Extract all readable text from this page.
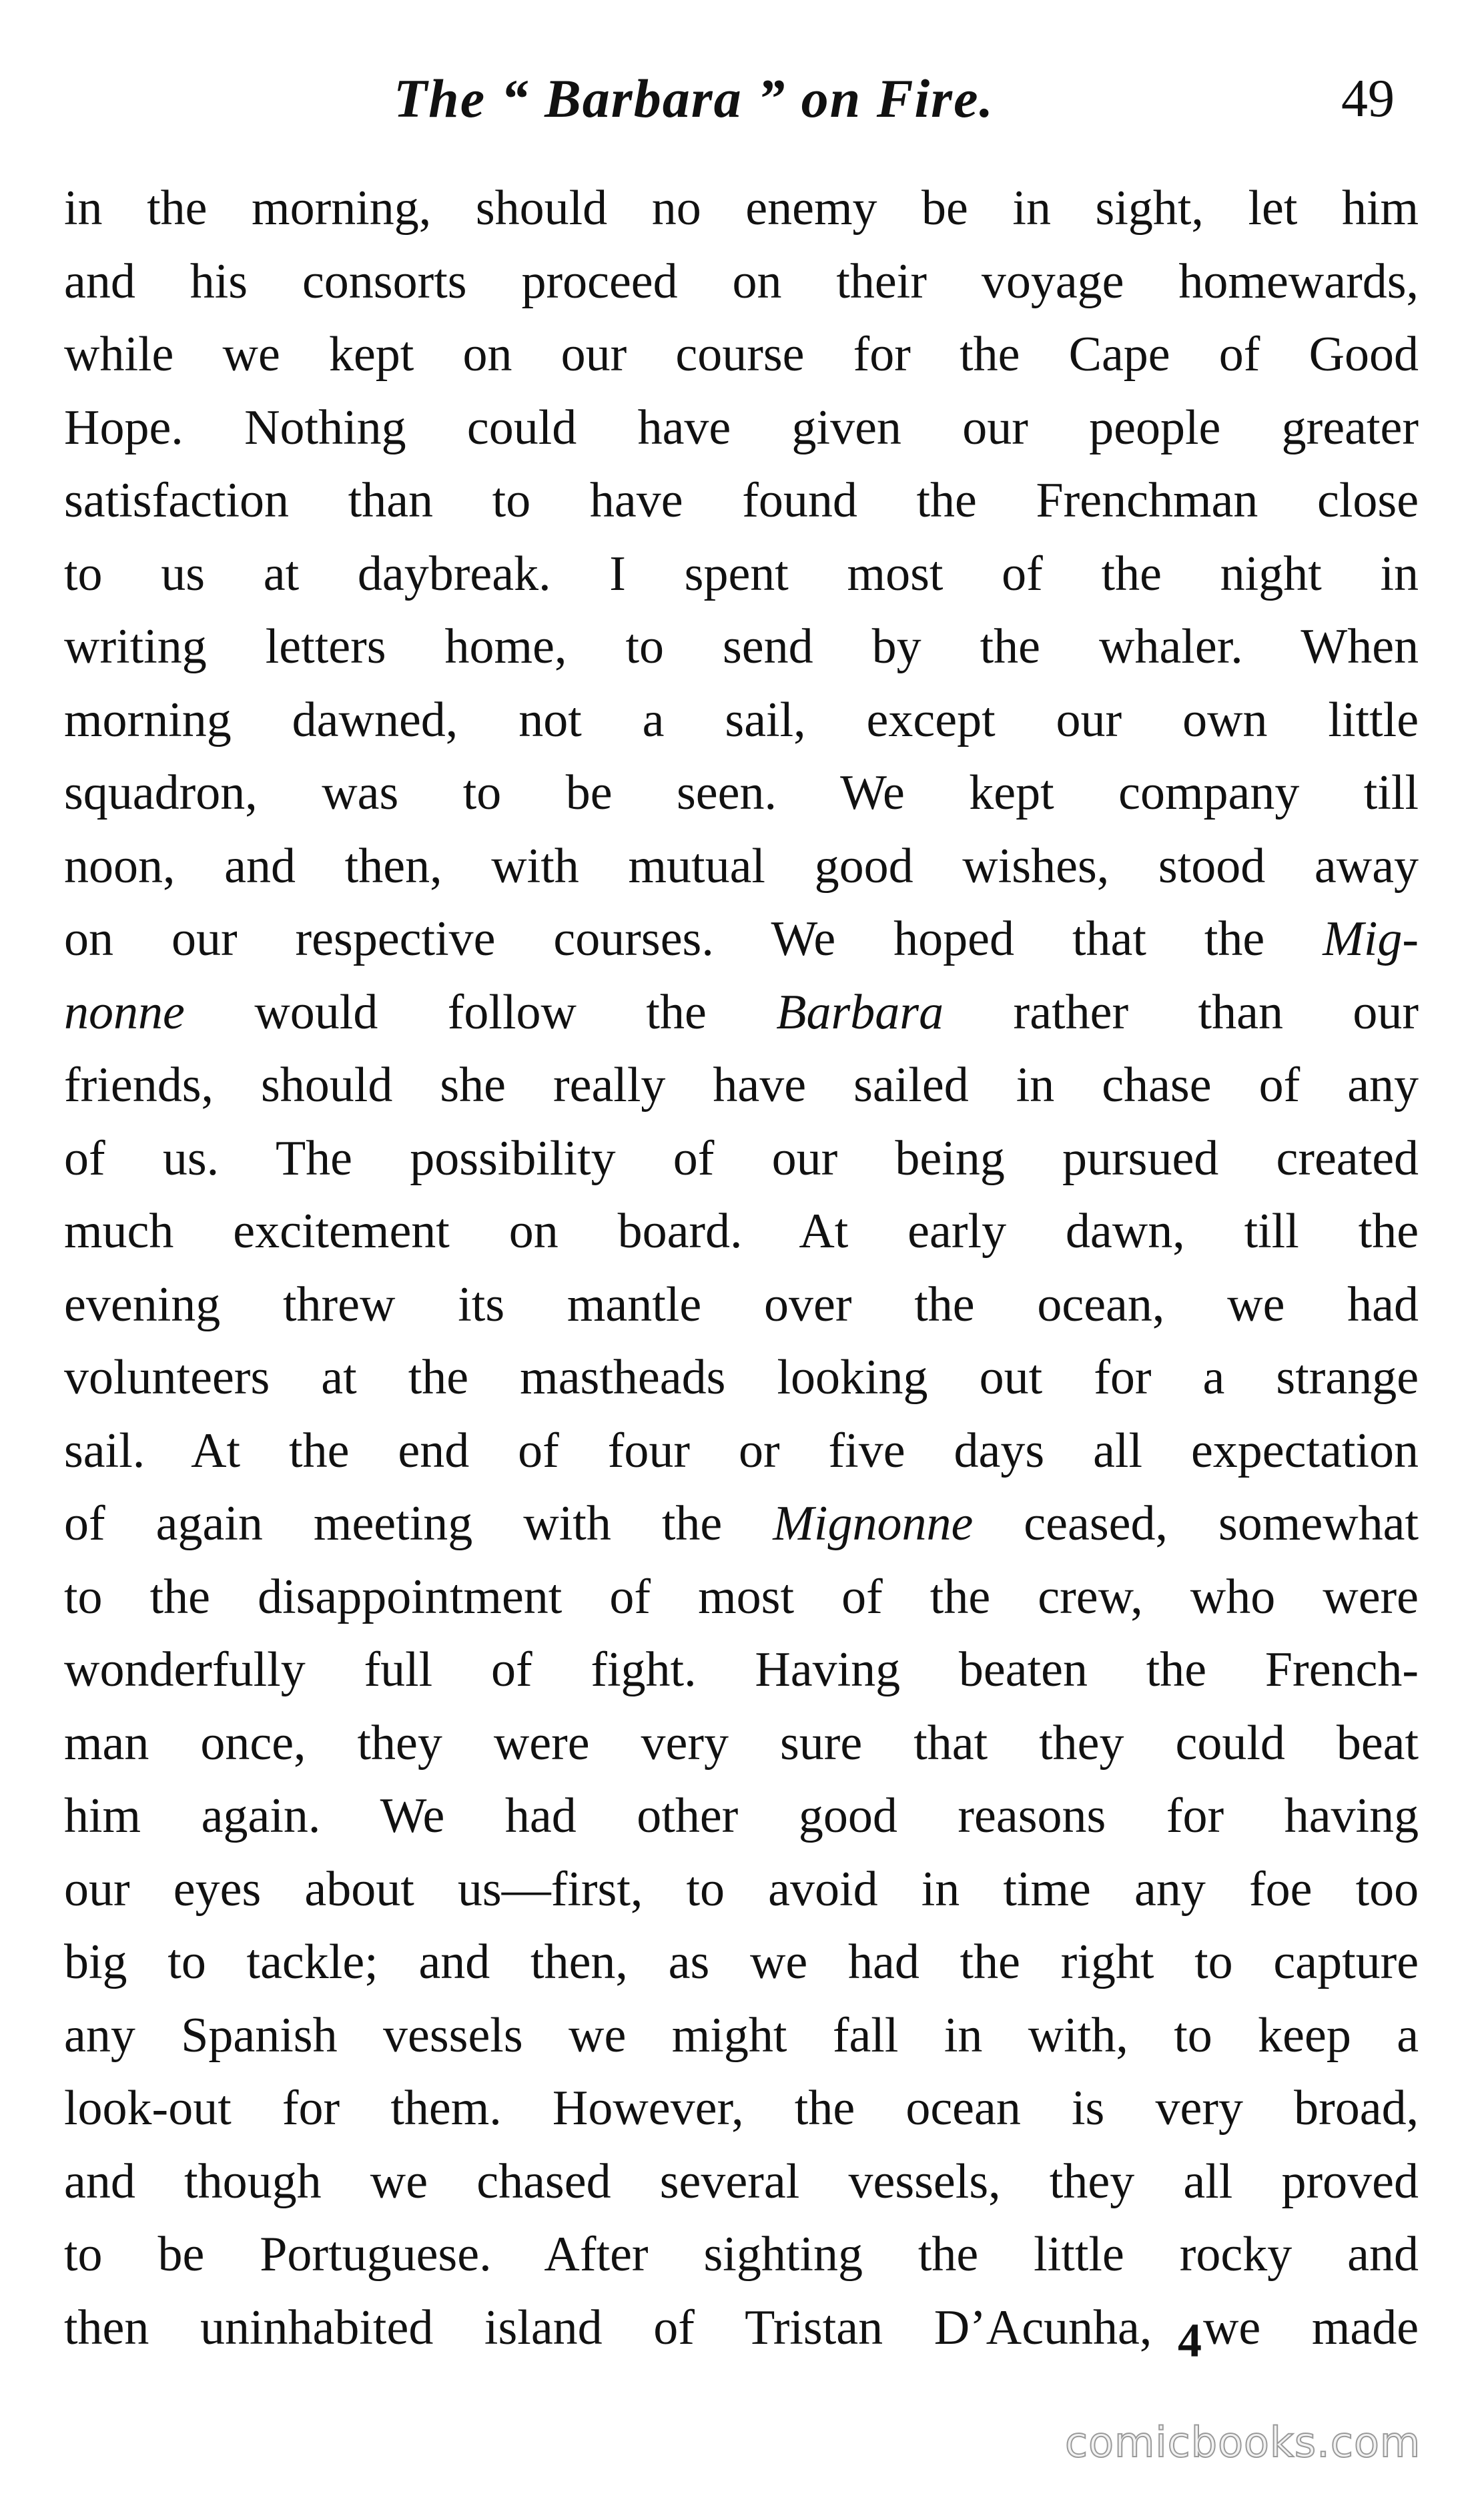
The “ Barbara ” on Fire.	49
in the morning, should no enemy be in sight, let him
and his consorts proceed on their voyage homewards,
while we kept on our course for the Cape of Good
Hope. Nothing could have given our people greater
satisfaction than to have found the Frenchman close
to us at daybreak. I spent most of the night in
writing letters home, to send by the whaler. When
morning dawned, not a sail, except our own little
squadron, was to be seen. We kept company till
noon, and then, with mutual good wishes, stood away
on our respective courses. We hoped that the Mig-
nonne would follow the Barbara rather than our
friends, should she really have sailed in chase of any
of us. The possibility of our being pursued created
much excitement on board. At early dawn, till the
evening threw its mantle over the ocean, we had
volunteers at the mastheads looking out for a strange
sail. At the end of four or five days all expectation
of again meeting with the Mignonne ceased, somewhat
to the disappointment of most of the crew, who were
wonderfully full of fight. Having beaten the French-
man once, they were very sure that they could beat
him again. We had other good reasons for having
our eyes about us—first, to avoid in time any foe too
big to tackle; and then, as we had the right to capture
any Spanish vessels we might fall in with, to keep a
look-out for them. However, the ocean is very broad,
and though we chased several vessels, they all proved
to be Portuguese. After sighting the little rocky and
then uninhabited island of Tristan D’Acunha, we made
4
comicbooks.com
